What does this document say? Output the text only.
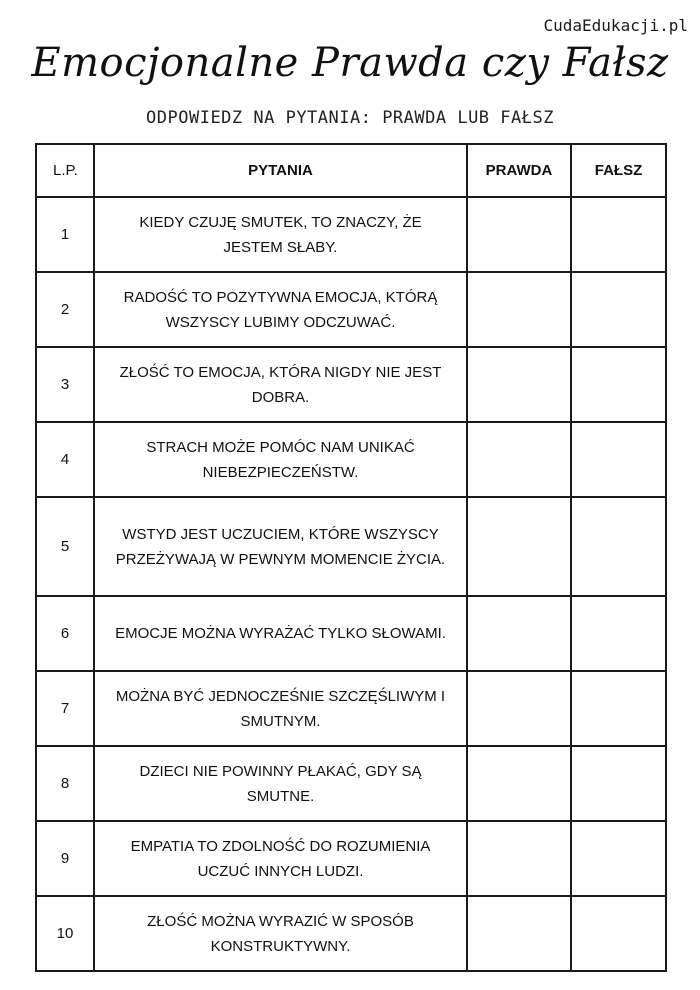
CudaEdukacji.pl
Emocjonalne Prawda czy Fałsz
ODPOWIEDZ NA PYTANIA: PRAWDA LUB FAŁSZ
L.P.	PYTANIA	PRAWDA	FAŁSZ
1	KIEDY CZUJĘ SMUTEK, TO ZNACZY, ŻE JESTEM SŁABY.		
2	RADOŚĆ TO POZYTYWNA EMOCJA, KTÓRĄ WSZYSCY LUBIMY ODCZUWAĆ.		
3	ZŁOŚĆ TO EMOCJA, KTÓRA NIGDY NIE JEST DOBRA.		
4	STRACH MOŻE POMÓC NAM UNIKAĆ NIEBEZPIECZEŃSTW.		
5	WSTYD JEST UCZUCIEM, KTÓRE WSZYSCY PRZEŻYWAJĄ W PEWNYM MOMENCIE ŻYCIA.		
6	EMOCJE MOŻNA WYRAŻAĆ TYLKO SŁOWAMI.		
7	MOŻNA BYĆ JEDNOCZEŚNIE SZCZĘŚLIWYM I SMUTNYM.		
8	DZIECI NIE POWINNY PŁAKAĆ, GDY SĄ SMUTNE.		
9	EMPATIA TO ZDOLNOŚĆ DO ROZUMIENIA UCZUĆ INNYCH LUDZI.		
10	ZŁOŚĆ MOŻNA WYRAZIĆ W SPOSÓB KONSTRUKTYWNY.		
